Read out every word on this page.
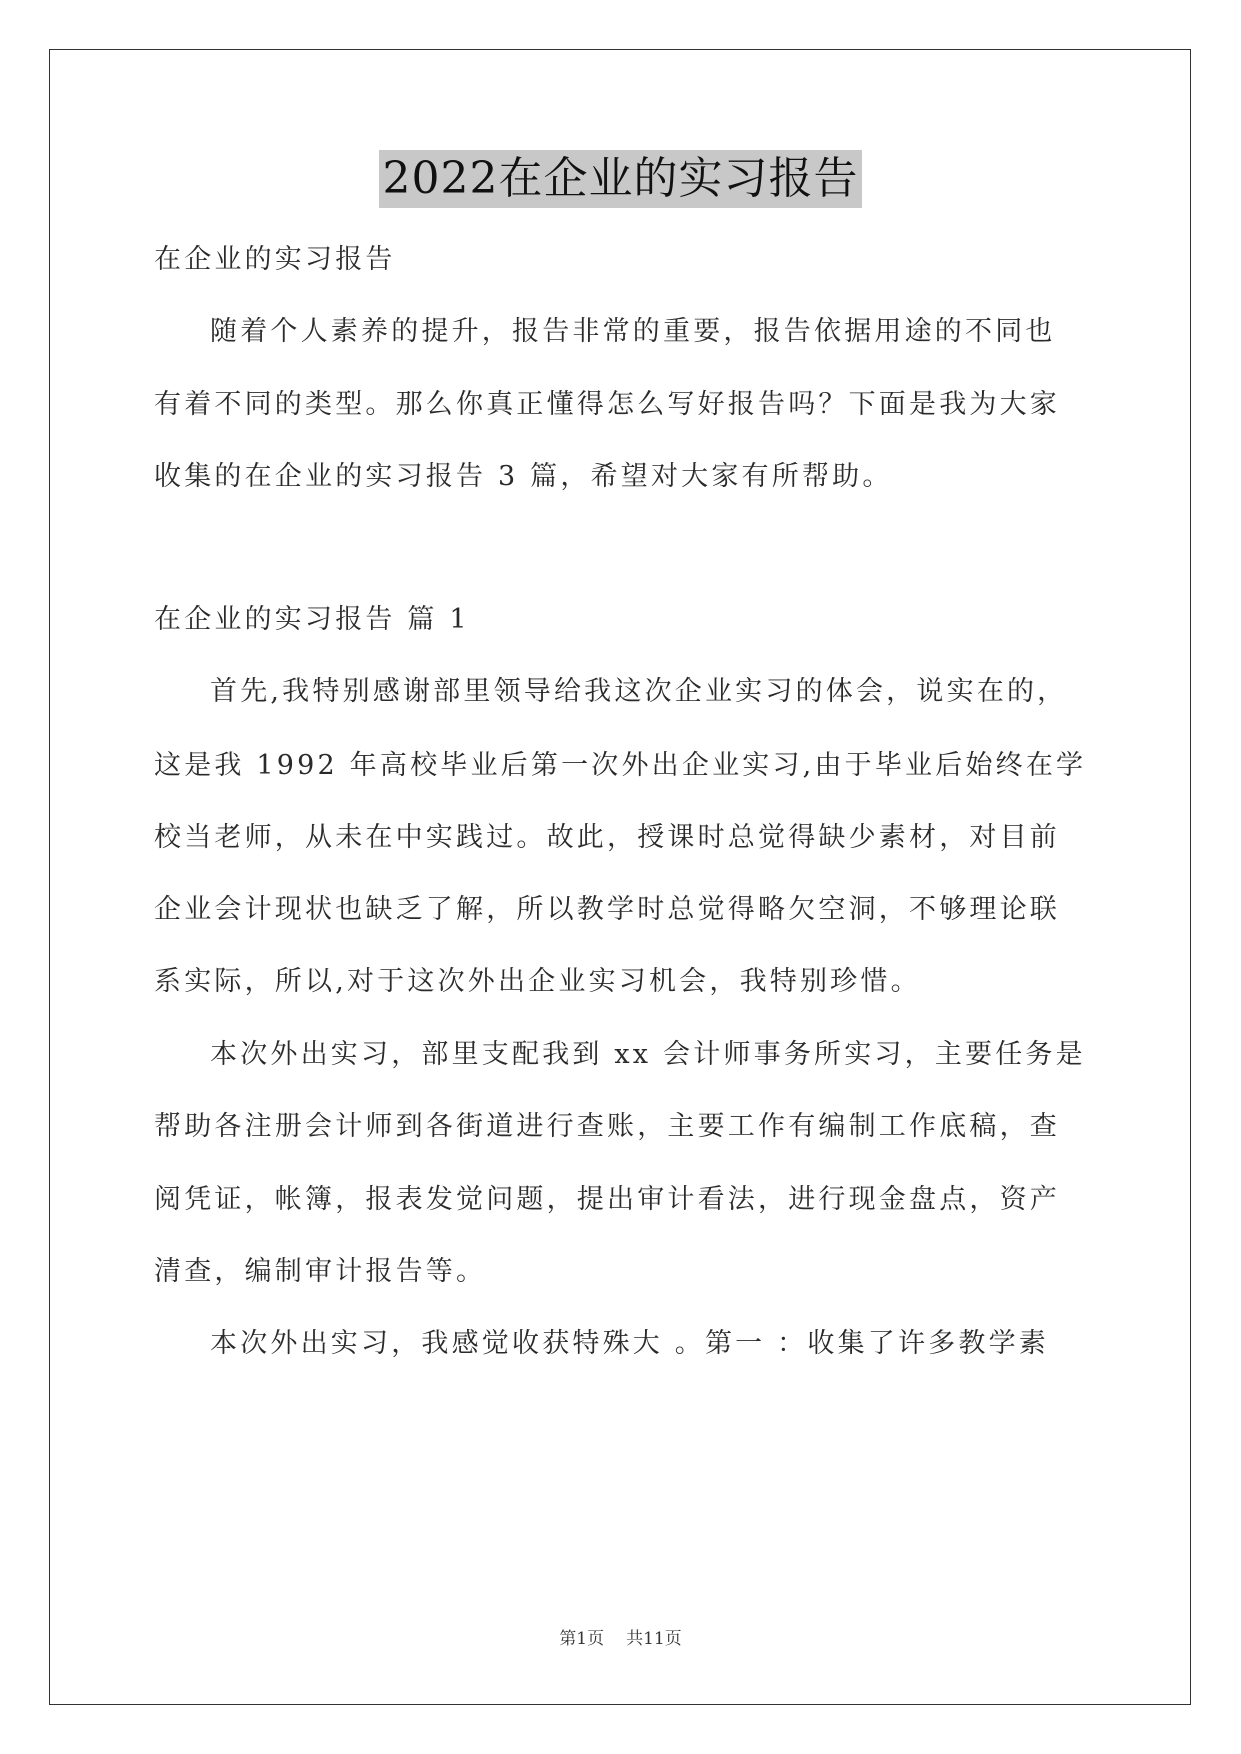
2022在企业的实习报告
在企业的实习报告
随着个人素养的提升，报告非常的重要，报告依据用途的不同也
有着不同的类型。那么你真正懂得怎么写好报告吗？下面是我为大家
收集的在企业的实习报告 3 篇，希望对大家有所帮助。
在企业的实习报告 篇 1
首先,我特别感谢部里领导给我这次企业实习的体会，说实在的，
这是我 1992 年高校毕业后第一次外出企业实习,由于毕业后始终在学
校当老师，从未在中实践过。故此，授课时总觉得缺少素材，对目前
企业会计现状也缺乏了解，所以教学时总觉得略欠空洞，不够理论联
系实际，所以,对于这次外出企业实习机会，我特别珍惜。
本次外出实习，部里支配我到 xx 会计师事务所实习，主要任务是
帮助各注册会计师到各街道进行查账，主要工作有编制工作底稿，查
阅凭证，帐簿，报表发觉问题，提出审计看法，进行现金盘点，资产
清查，编制审计报告等。
本次外出实习，我感觉收获特殊大 。第一 ：收集了许多教学素
第1页 共11页
